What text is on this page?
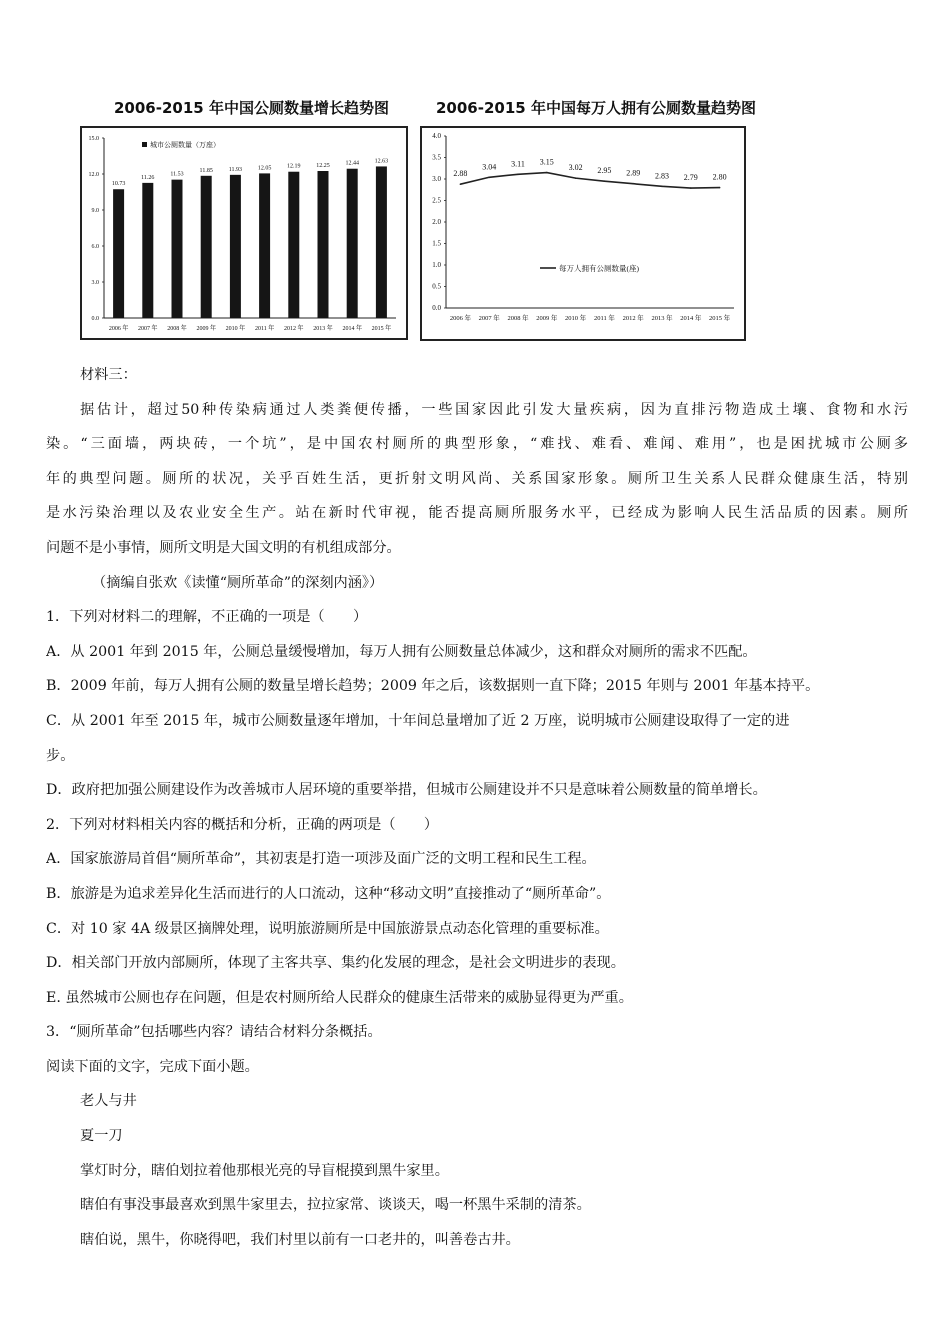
2006-2015 年中国公厕数量增长趋势图	2006-2015 年中国每万人拥有公厕数量趋势图
0.0
3.0
6.0
9.0
12.0
15.0
10.73
2006 年
11.26
2007 年
11.53
2008 年
11.85
2009 年
11.93
2010 年
12.05
2011 年
12.19
2012 年
12.25
2013 年
12.44
2014 年
12.63
2015 年
城市公厕数量（万座）
0.0
0.5
1.0
1.5
2.0
2.5
3.0
3.5
4.0
2.88
2006 年
3.04
2007 年
3.11
2008 年
3.15
2009 年
3.02
2010 年
2.95
2011 年
2.89
2012 年
2.83
2013 年
2.79
2014 年
2.80
2015 年
每万人拥有公厕数量(座)
材料三：
据估计，超过50种传染病通过人类粪便传播，一些国家因此引发大量疾病，因为直排污物造成土壤、食物和水污
染。“三面墙，两块砖，一个坑”，是中国农村厕所的典型形象，“难找、难看、难闻、难用”，也是困扰城市公厕多
年的典型问题。厕所的状况，关乎百姓生活，更折射文明风尚、关系国家形象。厕所卫生关系人民群众健康生活，特别
是水污染治理以及农业安全生产。站在新时代审视，能否提高厕所服务水平，已经成为影响人民生活品质的因素。厕所
问题不是小事情，厕所文明是大国文明的有机组成部分。
（摘编自张欢《读懂“厕所革命”的深刻内涵》）
1．下列对材料二的理解，不正确的一项是（　　）
A．从 2001 年到 2015 年，公厕总量缓慢增加，每万人拥有公厕数量总体减少，这和群众对厕所的需求不匹配。
B．2009 年前，每万人拥有公厕的数量呈增长趋势；2009 年之后，该数据则一直下降；2015 年则与 2001 年基本持平。
C．从 2001 年至 2015 年，城市公厕数量逐年增加，十年间总量增加了近 2 万座，说明城市公厕建设取得了一定的进
步。
D．政府把加强公厕建设作为改善城市人居环境的重要举措，但城市公厕建设并不只是意味着公厕数量的简单增长。
2．下列对材料相关内容的概括和分析，正确的两项是（　　）
A．国家旅游局首倡“厕所革命”，其初衷是打造一项涉及面广泛的文明工程和民生工程。
B．旅游是为追求差异化生活而进行的人口流动，这种“移动文明”直接推动了“厕所革命”。
C．对 10 家 4A 级景区摘牌处理，说明旅游厕所是中国旅游景点动态化管理的重要标准。
D．相关部门开放内部厕所，体现了主客共享、集约化发展的理念，是社会文明进步的表现。
E. 虽然城市公厕也存在问题，但是农村厕所给人民群众的健康生活带来的威胁显得更为严重。
3．“厕所革命”包括哪些内容？请结合材料分条概括。
阅读下面的文字，完成下面小题。
老人与井
夏一刀
掌灯时分，瞎伯划拉着他那根光亮的导盲棍摸到黑牛家里。
瞎伯有事没事最喜欢到黑牛家里去，拉拉家常、谈谈天，喝一杯黑牛采制的清茶。
瞎伯说，黑牛，你晓得吧，我们村里以前有一口老井的，叫善卷古井。
